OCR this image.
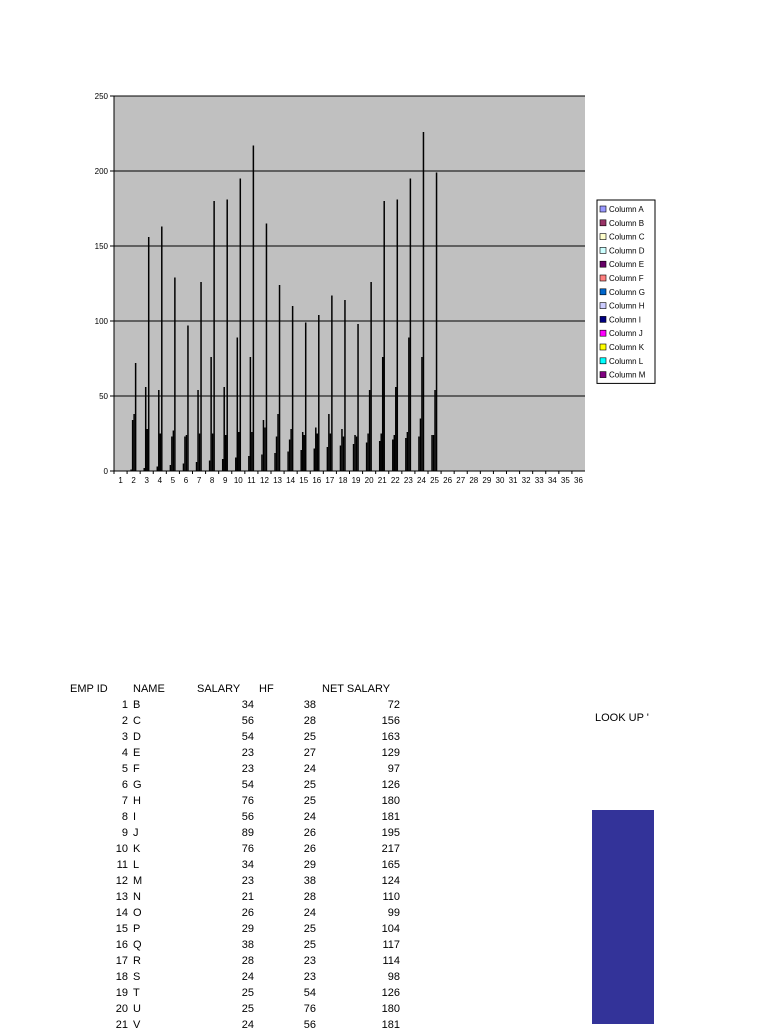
0
50
100
150
200
250
1 2 3 4 5 6 7 8 9 10 11 12 13 14 15 16 17 18 19 20 21 22 23 24 25 26 27 28 29 30 31 32 33 34 35 36
Column A
Column B
Column C
Column D
Column E
Column F
Column G
Column H
Column I
Column J
Column K
Column L
Column M
EMP ID NAME	SALARY HF	NET SALARY
1 B	34	38	72
2 C	56	28	156
3 D	54	25	163
4 E	23	27	129
5 F	23	24	97
6 G	54	25	126
7 H	76	25	180
8 I	56	24	181
9 J	89	26	195
10 K	76	26	217
11 L	34	29	165
12 M	23	38	124
13 N	21	28	110
14 O	26	24	99
15 P	29	25	104
16 Q	38	25	117
17 R	28	23	114
18 S	24	23	98
19 T	25	54	126
20 U	25	76	180
21 V	24	56	181
LOOK UP '
